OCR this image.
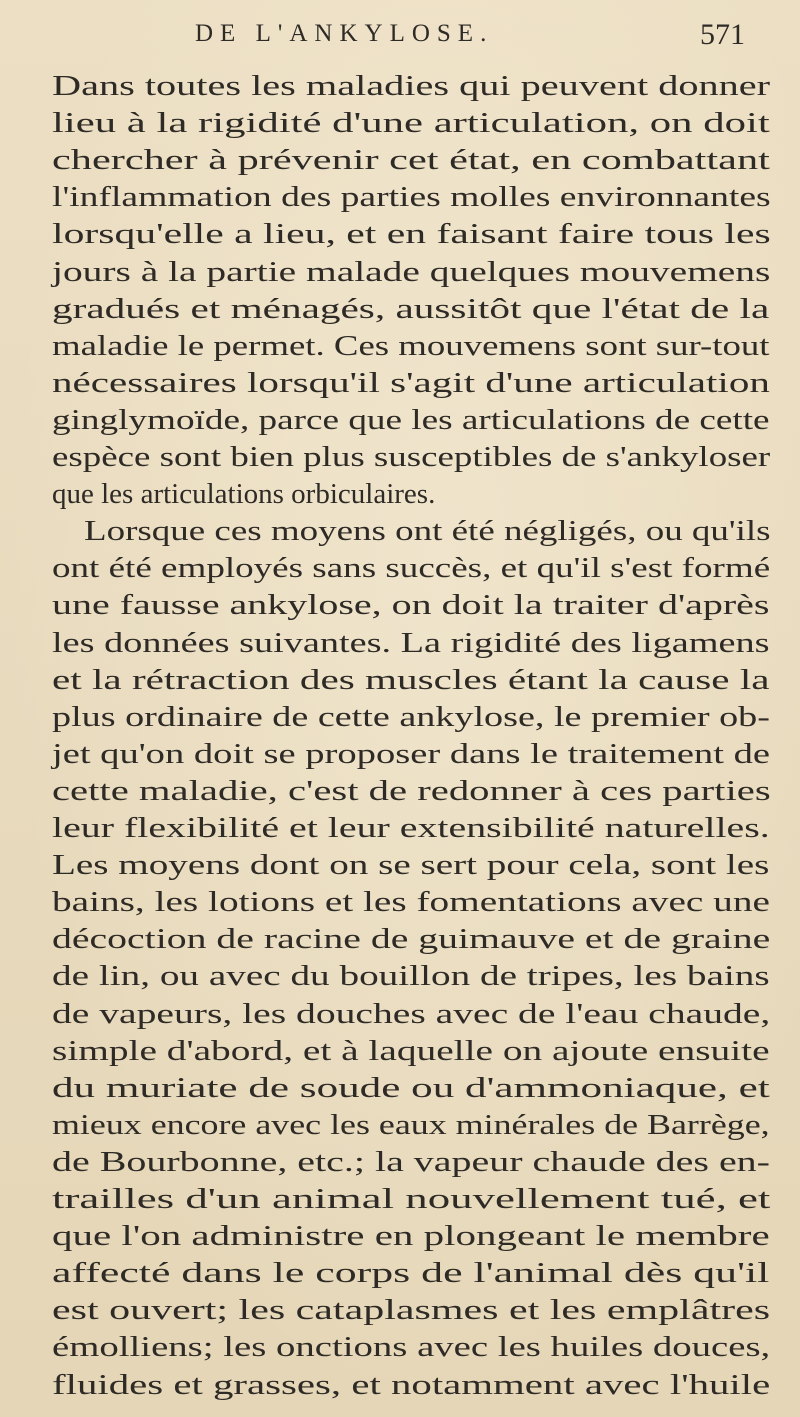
DE L'ANKYLOSE.	571
Dans toutes les maladies qui peuvent donner
lieu à la rigidité d'une articulation, on doit
chercher à prévenir cet état, en combattant
l'inflammation des parties molles environnantes
lorsqu'elle a lieu, et en faisant faire tous les
jours à la partie malade quelques mouvemens
gradués et ménagés, aussitôt que l'état de la
maladie le permet. Ces mouvemens sont sur-tout
nécessaires lorsqu'il s'agit d'une articulation
ginglymoïde, parce que les articulations de cette
espèce sont bien plus susceptibles de s'ankyloser
que les articulations orbiculaires.
Lorsque ces moyens ont été négligés, ou qu'ils
ont été employés sans succès, et qu'il s'est formé
une fausse ankylose, on doit la traiter d'après
les données suivantes. La rigidité des ligamens
et la rétraction des muscles étant la cause la
plus ordinaire de cette ankylose, le premier ob-
jet qu'on doit se proposer dans le traitement de
cette maladie, c'est de redonner à ces parties
leur flexibilité et leur extensibilité naturelles.
Les moyens dont on se sert pour cela, sont les
bains, les lotions et les fomentations avec une
décoction de racine de guimauve et de graine
de lin, ou avec du bouillon de tripes, les bains
de vapeurs, les douches avec de l'eau chaude,
simple d'abord, et à laquelle on ajoute ensuite
du muriate de soude ou d'ammoniaque, et
mieux encore avec les eaux minérales de Barrège,
de Bourbonne, etc.; la vapeur chaude des en-
trailles d'un animal nouvellement tué, et
que l'on administre en plongeant le membre
affecté dans le corps de l'animal dès qu'il
est ouvert; les cataplasmes et les emplâtres
émolliens; les onctions avec les huiles douces,
fluides et grasses, et notamment avec l'huile
